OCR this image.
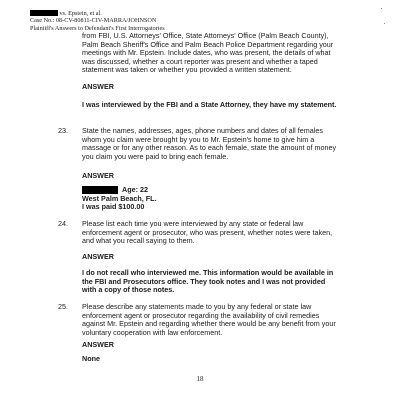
vs. Epstein, et al.
Case No.: 08-CV-80811-CIV-MARRA/JOHNSON
Plaintiff's Answers to Defendant's First Interrogatories
from FBI, U.S. Attorneys' Office, State Attorneys' Office (Palm Beach County),
Palm Beach Sheriff's Office and Palm Beach Police Department regarding your
meetings with Mr. Epstein. Include dates, who was present, the details of what
was discussed, whether a court reporter was present and whether a taped
statement was taken or whether you provided a written statement.
ANSWER
I was interviewed by the FBI and a State Attorney, they have my statement.
23. State the names, addresses, ages, phone numbers and dates of all females
whom you claim were brought by you to Mr. Epstein's home to give him a
massage or for any other reason. As to each female, state the amount of money
you claim you were paid to bring each female.
ANSWER
Age: 22
West Palm Beach, FL.
I was paid $100.00
24. Please list each time you were interviewed by any state or federal law
enforcement agent or prosecutor, who was present, whether notes were taken,
and what you recall saying to them.
ANSWER
I do not recall who interviewed me. This information would be available in
the FBI and Prosecutors office. They took notes and I was not provided
with a copy of those notes.
25. Please describe any statements made to you by any federal or state law
enforcement agent or prosecutor regarding the availability of civil remedies
against Mr. Epstein and regarding whether there would be any benefit from your
voluntary cooperation with law enforcement.
ANSWER
None
18
